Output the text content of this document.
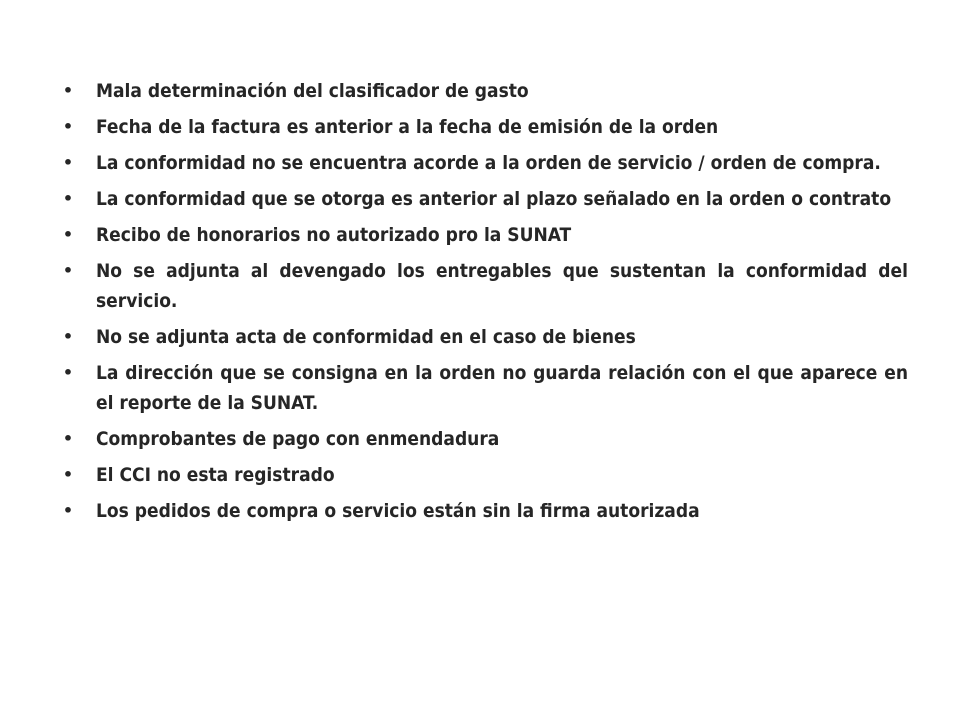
• Mala determinación del clasificador de gasto
• Fecha de la factura es anterior a la fecha de emisión de la orden
• La conformidad no se encuentra acorde a la orden de servicio / orden de compra.
• La conformidad que se otorga es anterior al plazo señalado en la orden o contrato
• Recibo de honorarios no autorizado pro la SUNAT
• No se adjunta al devengado los entregables que sustentan la conformidad del servicio.
• No se adjunta acta de conformidad en el caso de bienes
• La dirección que se consigna en la orden no guarda relación con el que aparece en el reporte de la SUNAT.
• Comprobantes de pago con enmendadura
• El CCI no esta registrado
• Los pedidos de compra o servicio están sin la firma autorizada
